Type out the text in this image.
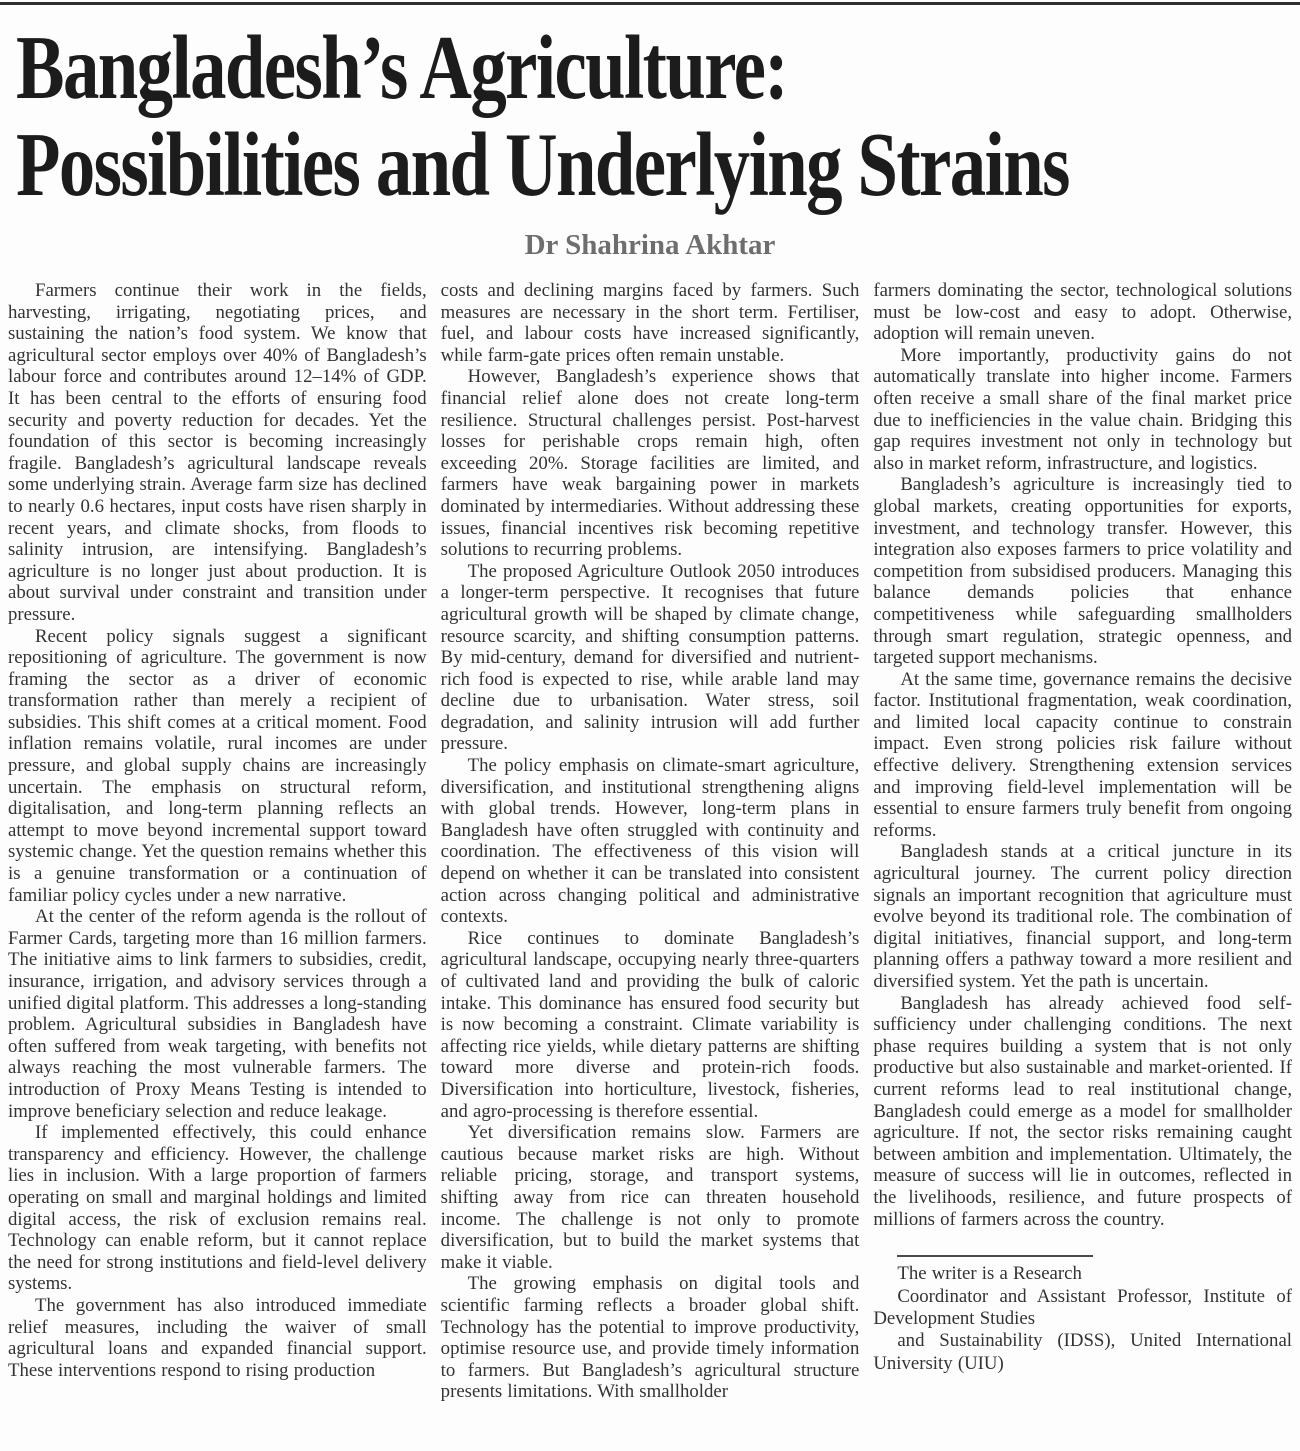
Bangladesh’s Agriculture:
Possibilities and Underlying Strains
Dr Shahrina Akhtar

Farmers continue their work in the fields, harvesting, irrigating, negotiating prices, and sustaining the nation’s food system. We know that agricultural sector employs over 40% of Bangladesh’s labour force and contributes around 12–14% of GDP. It has been central to the efforts of ensuring food security and poverty reduction for decades. Yet the foundation of this sector is becoming increasingly fragile. Bangladesh’s agricultural landscape reveals some underlying strain. Average farm size has declined to nearly 0.6 hectares, input costs have risen sharply in recent years, and climate shocks, from floods to salinity intrusion, are intensifying. Bangladesh’s agriculture is no longer just about production. It is about survival under constraint and transition under pressure.

Recent policy signals suggest a significant repositioning of agriculture. The government is now framing the sector as a driver of economic transformation rather than merely a recipient of subsidies. This shift comes at a critical moment. Food inflation remains volatile, rural incomes are under pressure, and global supply chains are increasingly uncertain. The emphasis on structural reform, digitalisation, and long-term planning reflects an attempt to move beyond incremental support toward systemic change. Yet the question remains whether this is a genuine transformation or a continuation of familiar policy cycles under a new narrative.

At the center of the reform agenda is the rollout of Farmer Cards, targeting more than 16 million farmers. The initiative aims to link farmers to subsidies, credit, insurance, irrigation, and advisory services through a unified digital platform. This addresses a long-standing problem. Agricultural subsidies in Bangladesh have often suffered from weak targeting, with benefits not always reaching the most vulnerable farmers. The introduction of Proxy Means Testing is intended to improve beneficiary selection and reduce leakage.

If implemented effectively, this could enhance transparency and efficiency. However, the challenge lies in inclusion. With a large proportion of farmers operating on small and marginal holdings and limited digital access, the risk of exclusion remains real. Technology can enable reform, but it cannot replace the need for strong institutions and field-level delivery systems.

The government has also introduced immediate relief measures, including the waiver of small agricultural loans and expanded financial support. These interventions respond to rising production

costs and declining margins faced by farmers. Such measures are necessary in the short term. Fertiliser, fuel, and labour costs have increased significantly, while farm-gate prices often remain unstable.

However, Bangladesh’s experience shows that financial relief alone does not create long-term resilience. Structural challenges persist. Post-harvest losses for perishable crops remain high, often exceeding 20%. Storage facilities are limited, and farmers have weak bargaining power in markets dominated by intermediaries. Without addressing these issues, financial incentives risk becoming repetitive solutions to recurring problems.

The proposed Agriculture Outlook 2050 introduces a longer-term perspective. It recognises that future agricultural growth will be shaped by climate change, resource scarcity, and shifting consumption patterns. By mid-century, demand for diversified and nutrient-rich food is expected to rise, while arable land may decline due to urbanisation. Water stress, soil degradation, and salinity intrusion will add further pressure.

The policy emphasis on climate-smart agriculture, diversification, and institutional strengthening aligns with global trends. However, long-term plans in Bangladesh have often struggled with continuity and coordination. The effectiveness of this vision will depend on whether it can be translated into consistent action across changing political and administrative contexts.

Rice continues to dominate Bangladesh’s agricultural landscape, occupying nearly three-quarters of cultivated land and providing the bulk of caloric intake. This dominance has ensured food security but is now becoming a constraint. Climate variability is affecting rice yields, while dietary patterns are shifting toward more diverse and protein-rich foods. Diversification into horticulture, livestock, fisheries, and agro-processing is therefore essential.

Yet diversification remains slow. Farmers are cautious because market risks are high. Without reliable pricing, storage, and transport systems, shifting away from rice can threaten household income. The challenge is not only to promote diversification, but to build the market systems that make it viable.

The growing emphasis on digital tools and scientific farming reflects a broader global shift. Technology has the potential to improve productivity, optimise resource use, and provide timely information to farmers. But Bangladesh’s agricultural structure presents limitations. With smallholder

farmers dominating the sector, technological solutions must be low-cost and easy to adopt. Otherwise, adoption will remain uneven.

More importantly, productivity gains do not automatically translate into higher income. Farmers often receive a small share of the final market price due to inefficiencies in the value chain. Bridging this gap requires investment not only in technology but also in market reform, infrastructure, and logistics.

Bangladesh’s agriculture is increasingly tied to global markets, creating opportunities for exports, investment, and technology transfer. However, this integration also exposes farmers to price volatility and competition from subsidised producers. Managing this balance demands policies that enhance competitiveness while safeguarding smallholders through smart regulation, strategic openness, and targeted support mechanisms.

At the same time, governance remains the decisive factor. Institutional fragmentation, weak coordination, and limited local capacity continue to constrain impact. Even strong policies risk failure without effective delivery. Strengthening extension services and improving field-level implementation will be essential to ensure farmers truly benefit from ongoing reforms.

Bangladesh stands at a critical juncture in its agricultural journey. The current policy direction signals an important recognition that agriculture must evolve beyond its traditional role. The combination of digital initiatives, financial support, and long-term planning offers a pathway toward a more resilient and diversified system. Yet the path is uncertain.

Bangladesh has already achieved food self-sufficiency under challenging conditions. The next phase requires building a system that is not only productive but also sustainable and market-oriented. If current reforms lead to real institutional change, Bangladesh could emerge as a model for smallholder agriculture. If not, the sector risks remaining caught between ambition and implementation. Ultimately, the measure of success will lie in outcomes, reflected in the livelihoods, resilience, and future prospects of millions of farmers across the country.

The writer is a Research

Coordinator and Assistant Professor, Institute of Development Studies

and Sustainability (IDSS), United International University (UIU)
